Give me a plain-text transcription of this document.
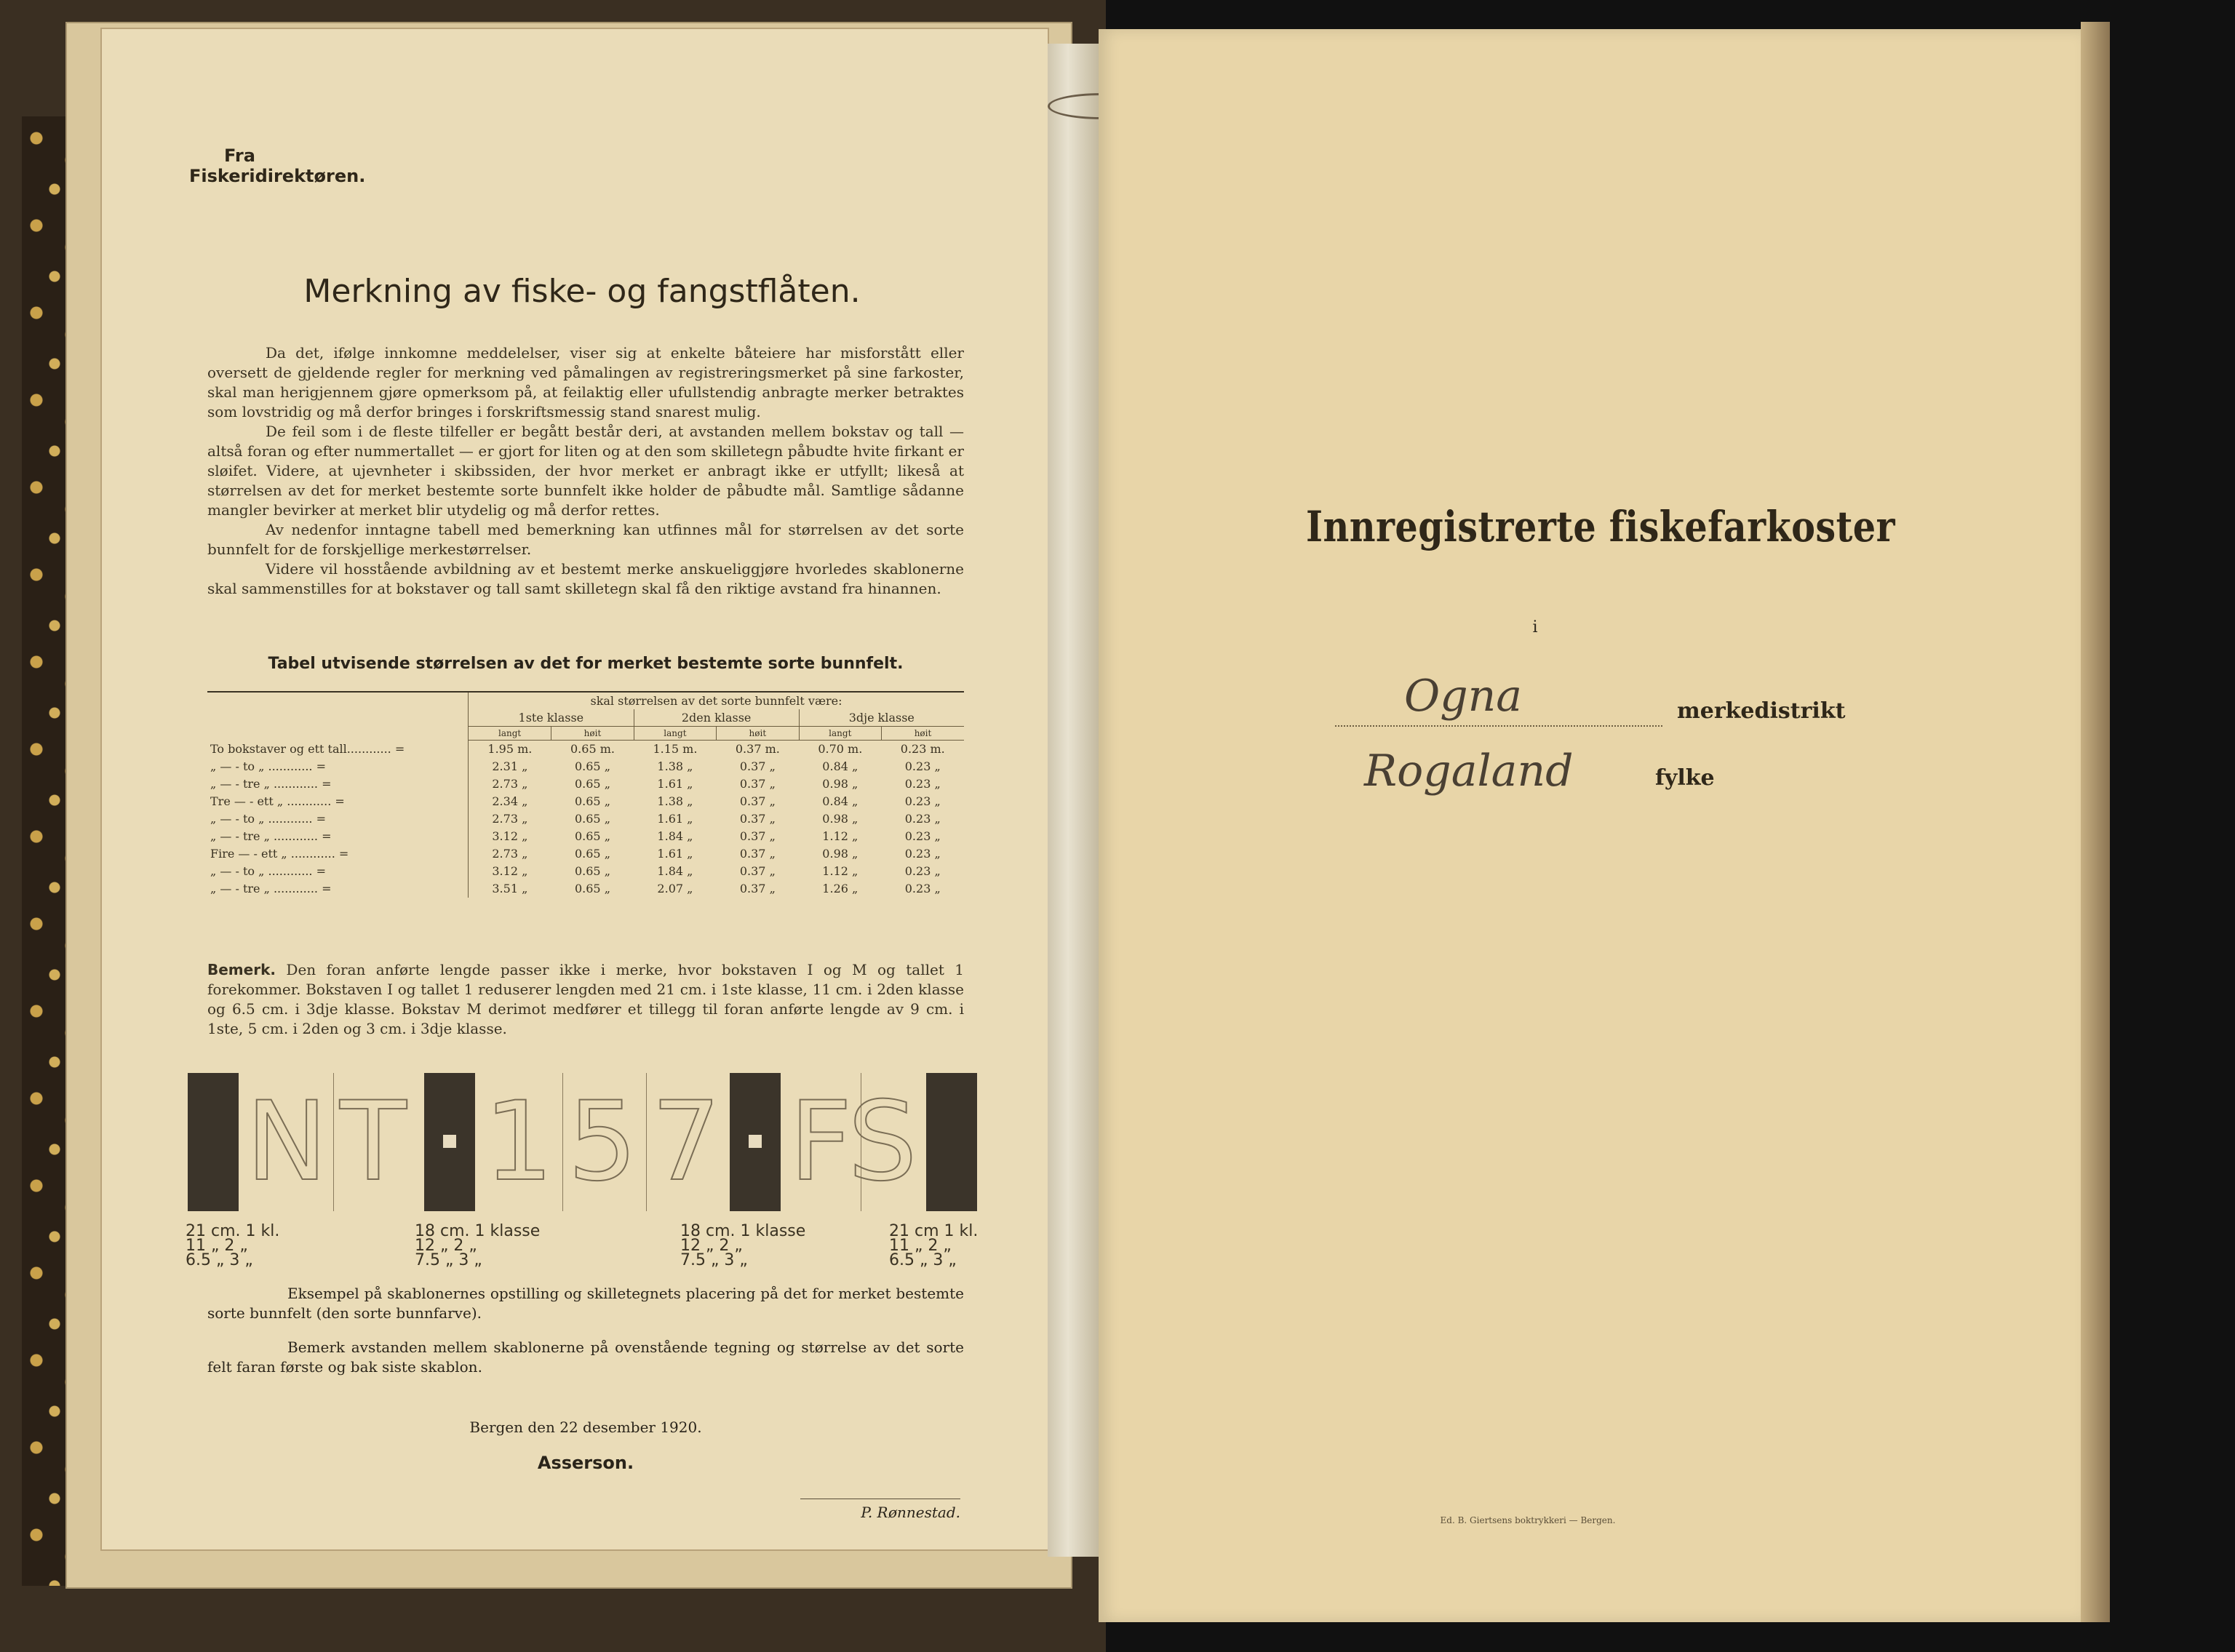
Fra
Fiskeridirektøren.
Merkning av fiske- og fangstflåten.

Da det, ifølge innkomne meddelelser, viser sig at enkelte båteiere har misforstått eller oversett de gjeldende regler for merkning ved påmalingen av registreringsmerket på sine farkoster, skal man herigjennem gjøre opmerksom på, at feilaktig eller ufullstendig anbragte merker betraktes som lovstridig og må derfor bringes i forskriftsmessig stand snarest mulig.

De feil som i de fleste tilfeller er begått består deri, at avstanden mellem bokstav og tall — altså foran og efter nummertallet — er gjort for liten og at den som skilletegn påbudte hvite firkant er sløifet. Videre, at ujevnheter i skibssiden, der hvor merket er anbragt ikke er utfyllt; likeså at størrelsen av det for merket bestemte sorte bunnfelt ikke holder de påbudte mål. Samtlige sådanne mangler bevirker at merket blir utydelig og må derfor rettes.

Av nedenfor inntagne tabell med bemerkning kan utfinnes mål for størrelsen av det sorte bunnfelt for de forskjellige merkestørrelser.

Videre vil hosstående avbildning av et bestemt merke anskueliggjøre hvorledes skablonerne skal sammenstilles for at bokstaver og tall samt skilletegn skal få den riktige avstand fra hinannen.

Tabel utvisende størrelsen av det for merket bestemte sorte bunnfelt.
	skal størrelsen av det sorte bunnfelt være:					
	1ste klasse		2den klasse		3dje klasse	
	langt	høit	langt	høit	langt	høit
To bokstaver og ett tall............ =	1.95 m.	0.65 m.	1.15 m.	0.37 m.	0.70 m.	0.23 m.
„ — - to „ ............ =	2.31 „	0.65 „	1.38 „	0.37 „	0.84 „	0.23 „
„ — - tre „ ............ =	2.73 „	0.65 „	1.61 „	0.37 „	0.98 „	0.23 „
Tre — - ett „ ............ =	2.34 „	0.65 „	1.38 „	0.37 „	0.84 „	0.23 „
„ — - to „ ............ =	2.73 „	0.65 „	1.61 „	0.37 „	0.98 „	0.23 „
„ — - tre „ ............ =	3.12 „	0.65 „	1.84 „	0.37 „	1.12 „	0.23 „
Fire — - ett „ ............ =	2.73 „	0.65 „	1.61 „	0.37 „	0.98 „	0.23 „
„ — - to „ ............ =	3.12 „	0.65 „	1.84 „	0.37 „	1.12 „	0.23 „
„ — - tre „ ............ =	3.51 „	0.65 „	2.07 „	0.37 „	1.26 „	0.23 „
Bemerk. Den foran anførte lengde passer ikke i merke, hvor bokstaven I og M og tallet 1 forekommer. Bokstaven I og tallet 1 reduserer lengden med 21 cm. i 1ste klasse, 11 cm. i 2den klasse og 6.5 cm. i 3dje klasse. Bokstav M derimot medfører et tillegg til foran anførte lengde av 9 cm. i 1ste, 5 cm. i 2den og 3 cm. i 3dje klasse.
N T 1 5 7 F
S
21 cm. 1 kl.
11 „ 2 „
6.5 „ 3 „
18 cm. 1 klasse
12 „ 2 „
7.5 „ 3 „
18 cm. 1 klasse
12 „ 2 „
7.5 „ 3 „
21 cm 1 kl.
11 „ 2 „
6.5 „ 3 „

Eksempel på skablonernes opstilling og skilletegnets placering på det for merket bestemte sorte bunnfelt (den sorte bunnfarve).

Bemerk avstanden mellem skablonerne på ovenstående tegning og størrelse av det sorte felt faran første og bak siste skablon.

Bergen den 22 desember 1920.
Asserson.
P. Rønnestad.
Innregistrerte fiskefarkoster
i
Ogna	merkedistrikt
Rogaland	fylke
Ed. B. Giertsens boktrykkeri — Bergen.
